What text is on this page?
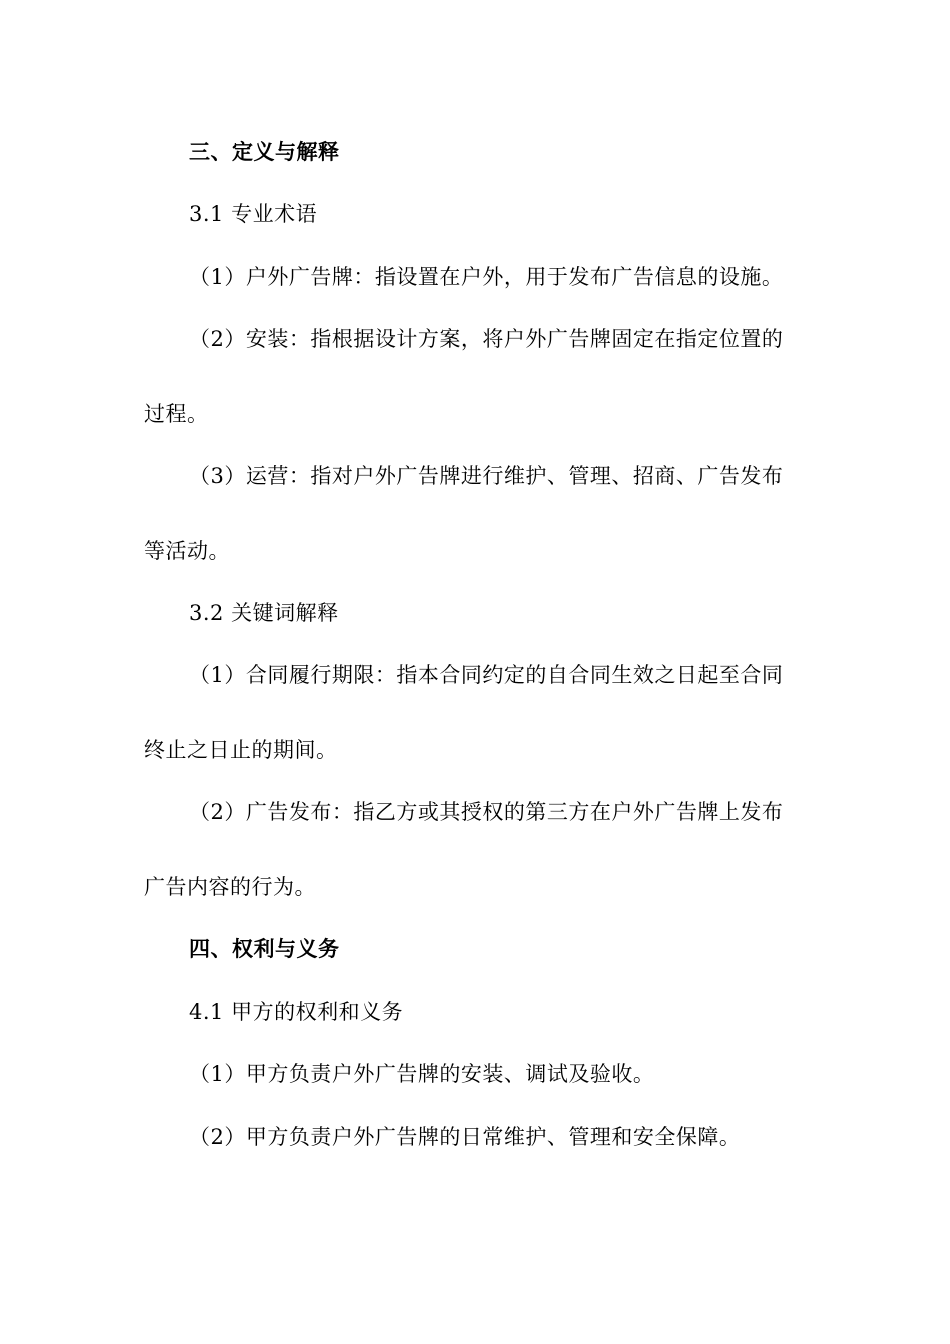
三、定义与解释
3.1 专业术语
（1）户外广告牌：指设置在户外，用于发布广告信息的设施。
（2）安装：指根据设计方案，将户外广告牌固定在指定位置的
过程。
（3）运营：指对户外广告牌进行维护、管理、招商、广告发布
等活动。
3.2 关键词解释
（1）合同履行期限：指本合同约定的自合同生效之日起至合同
终止之日止的期间。
（2）广告发布：指乙方或其授权的第三方在户外广告牌上发布
广告内容的行为。
四、权利与义务
4.1 甲方的权利和义务
（1）甲方负责户外广告牌的安装、调试及验收。
（2）甲方负责户外广告牌的日常维护、管理和安全保障。
